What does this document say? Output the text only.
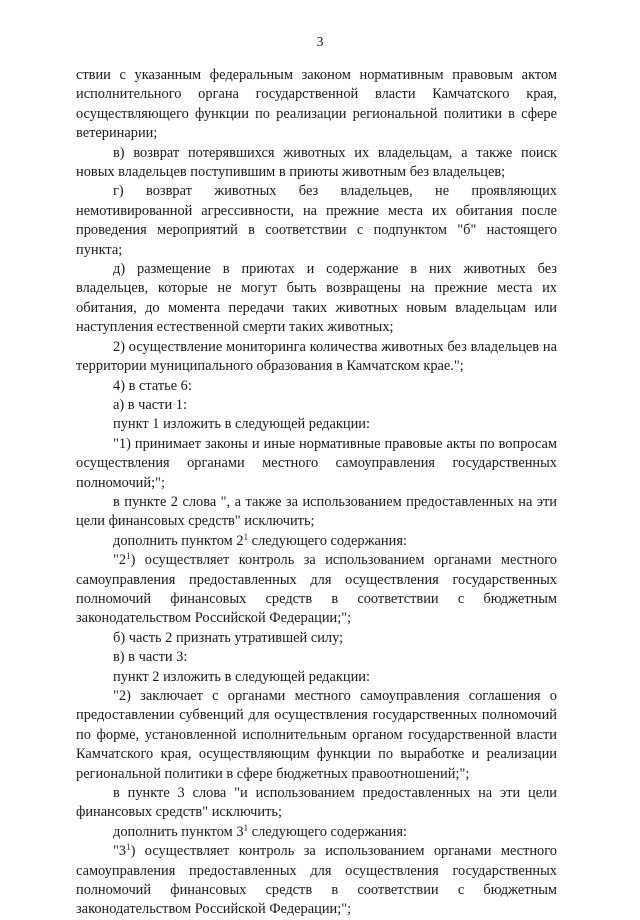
3

ствии с указанным федеральным законом нормативным правовым актом исполнительного органа государственной власти Камчатского края, осуществляющего функции по реализации региональной политики в сфере ветеринарии;

в) возврат потерявшихся животных их владельцам, а также поиск новых владельцев поступившим в приюты животным без владельцев;

г) возврат животных без владельцев, не проявляющих немотивированной агрессивности, на прежние места их обитания после проведения мероприятий в соответствии с подпунктом "б" настоящего пункта;

д) размещение в приютах и содержание в них животных без владельцев, которые не могут быть возвращены на прежние места их обитания, до момента передачи таких животных новым владельцам или наступления естественной смерти таких животных;

2) осуществление мониторинга количества животных без владельцев на территории муниципального образования в Камчатском крае.";

4) в статье 6:

а) в части 1:

пункт 1 изложить в следующей редакции:

"1) принимает законы и иные нормативные правовые акты по вопросам осуществления органами местного самоуправления государственных полномочий;";

в пункте 2 слова ", а также за использованием предоставленных на эти цели финансовых средств" исключить;

дополнить пунктом $2^1$ следующего содержания:

"$2^1$) осуществляет контроль за использованием органами местного самоуправления предоставленных для осуществления государственных полномочий финансовых средств в соответствии с бюджетным законодательством Российской Федерации;";

б) часть 2 признать утратившей силу;

в) в части 3:

пункт 2 изложить в следующей редакции:

"2) заключает с органами местного самоуправления соглашения о предоставлении субвенций для осуществления государственных полномочий по форме, установленной исполнительным органом государственной власти Камчатского края, осуществляющим функции по выработке и реализации региональной политики в сфере бюджетных правоотношений;";

в пункте 3 слова "и использованием предоставленных на эти цели финансовых средств" исключить;

дополнить пунктом $3^1$ следующего содержания:

"$3^1$) осуществляет контроль за использованием органами местного самоуправления предоставленных для осуществления государственных полномочий финансовых средств в соответствии с бюджетным законодательством Российской Федерации;";
